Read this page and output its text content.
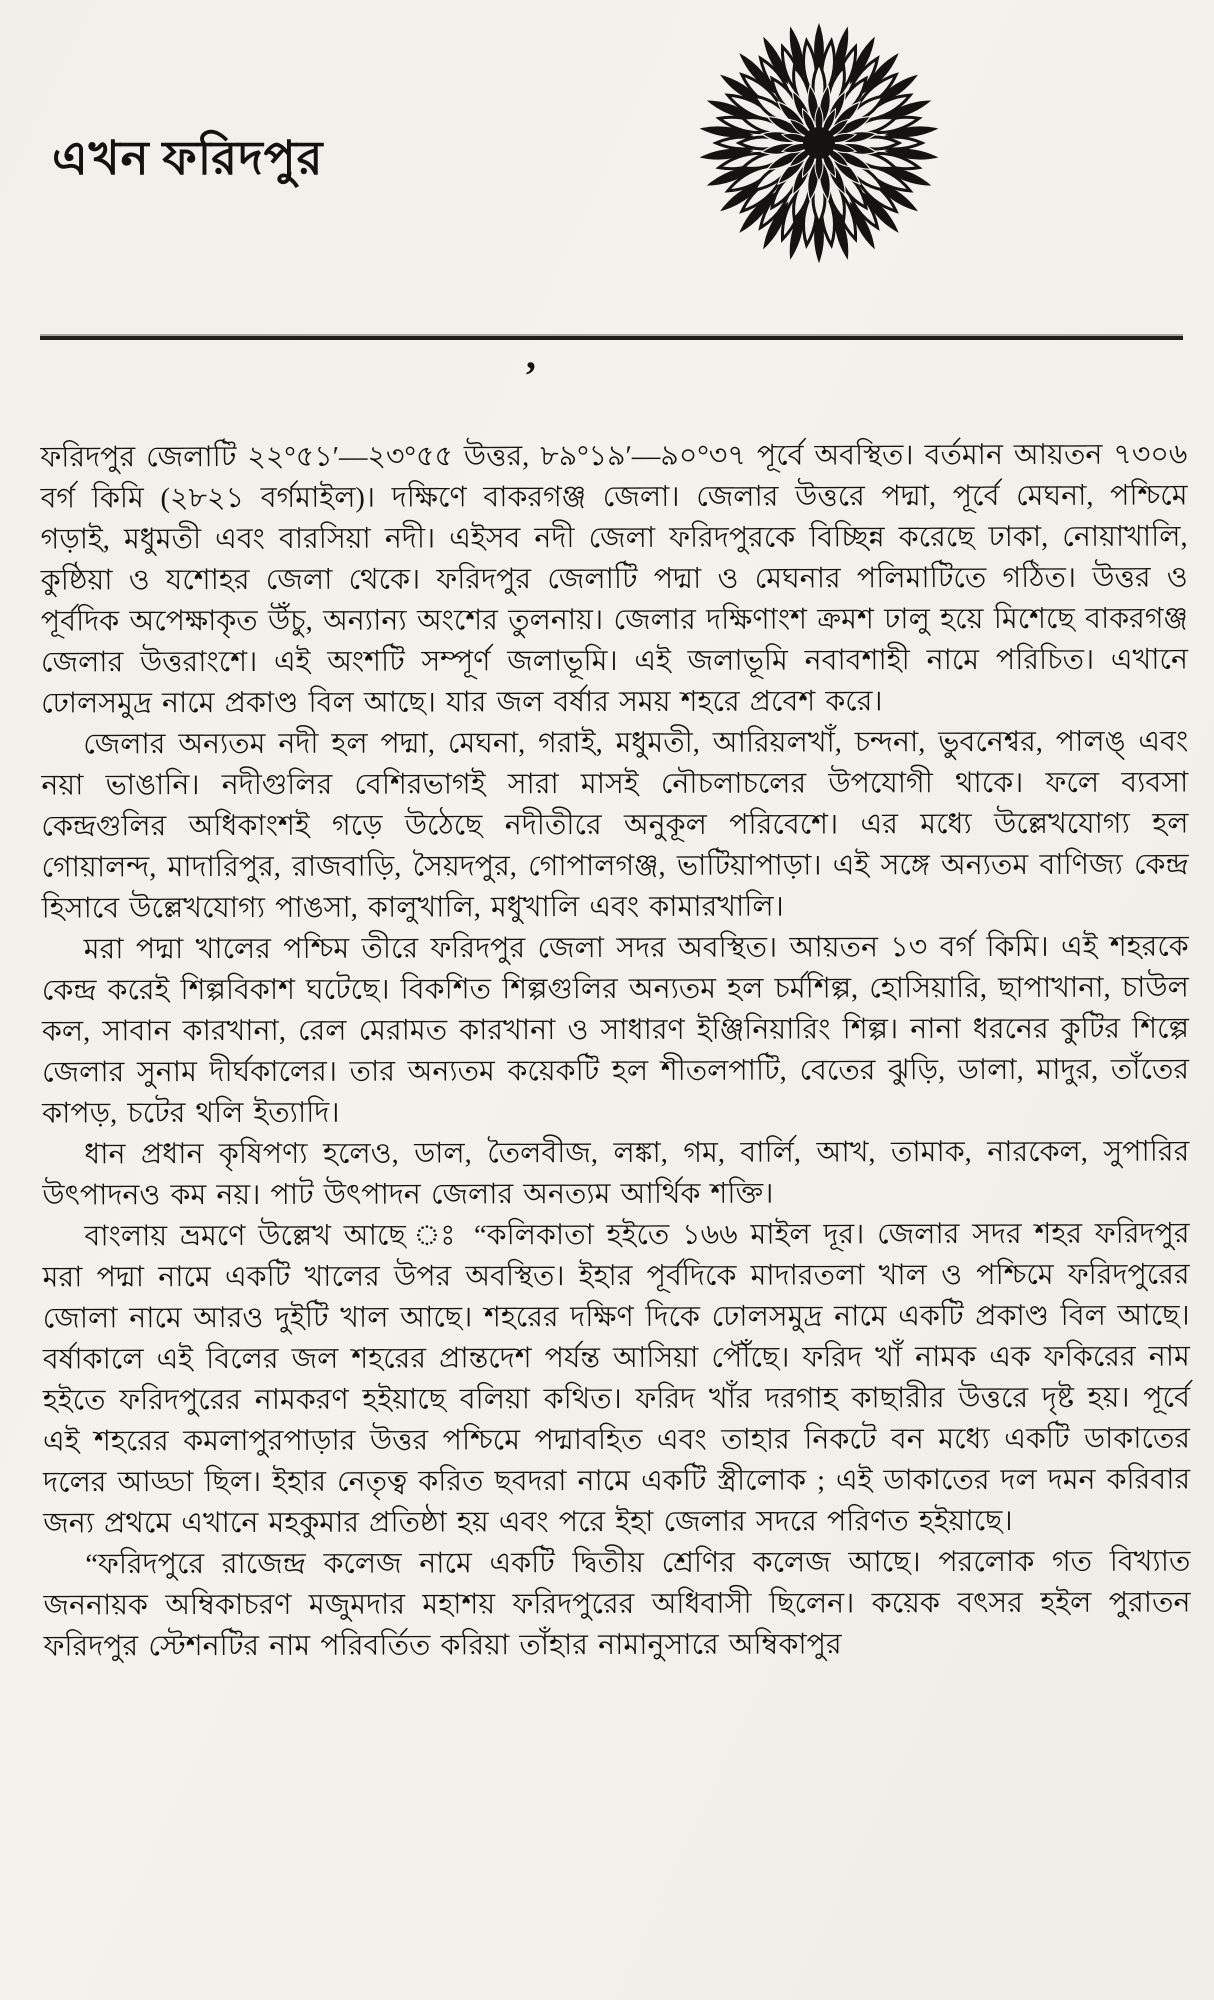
এখন ফরিদপুর
’

ফরিদপুর জেলাটি ২২°৫১′—২৩°৫৫ উত্তর, ৮৯°১৯′—৯০°৩৭ পূর্বে অবস্থিত। বর্তমান আয়তন ৭৩০৬ বর্গ কিমি (২৮২১ বর্গমাইল)। দক্ষিণে বাকরগঞ্জ জেলা। জেলার উত্তরে পদ্মা, পূর্বে মেঘনা, পশ্চিমে গড়াই, মধুমতী এবং বারসিয়া নদী। এইসব নদী জেলা ফরিদপুরকে বিচ্ছিন্ন করেছে ঢাকা, নোয়াখালি, কুষ্ঠিয়া ও যশোহর জেলা থেকে। ফরিদপুর জেলাটি পদ্মা ও মেঘনার পলিমাটিতে গঠিত। উত্তর ও পূর্বদিক অপেক্ষাকৃত উঁচু, অন্যান্য অংশের তুলনায়। জেলার দক্ষিণাংশ ক্রমশ ঢালু হয়ে মিশেছে বাকরগঞ্জ জেলার উত্তরাংশে। এই অংশটি সম্পূর্ণ জলাভূমি। এই জলাভূমি নবাবশাহী নামে পরিচিত। এখানে ঢোলসমুদ্র নামে প্রকাণ্ড বিল আছে। যার জল বর্ষার সময় শহরে প্রবেশ করে।

জেলার অন্যতম নদী হল পদ্মা, মেঘনা, গরাই, মধুমতী, আরিয়লখাঁ, চন্দনা, ভুবনেশ্বর, পালঙ্‌ এবং নয়া ভাঙানি। নদীগুলির বেশিরভাগই সারা মাসই নৌচলাচলের উপযোগী থাকে। ফলে ব্যবসা কেন্দ্রগুলির অধিকাংশই গড়ে উঠেছে নদীতীরে অনুকূল পরিবেশে। এর মধ্যে উল্লেখযোগ্য হল গোয়ালন্দ, মাদারিপুর, রাজবাড়ি, সৈয়দপুর, গোপালগঞ্জ, ভাটিয়াপাড়া। এই সঙ্গে অন্যতম বাণিজ্য কেন্দ্র হিসাবে উল্লেখযোগ্য পাঙসা, কালুখালি, মধুখালি এবং কামারখালি।

মরা পদ্মা খালের পশ্চিম তীরে ফরিদপুর জেলা সদর অবস্থিত। আয়তন ১৩ বর্গ কিমি। এই শহরকে কেন্দ্র করেই শিল্পবিকাশ ঘটেছে। বিকশিত শিল্পগুলির অন্যতম হল চর্মশিল্প, হোসিয়ারি, ছাপাখানা, চাউল কল, সাবান কারখানা, রেল মেরামত কারখানা ও সাধারণ ইঞ্জিনিয়ারিং শিল্প। নানা ধরনের কুটির শিল্পে জেলার সুনাম দীর্ঘকালের। তার অন্যতম কয়েকটি হল শীতলপাটি, বেতের ঝুড়ি, ডালা, মাদুর, তাঁতের কাপড়, চটের থলি ইত্যাদি।

ধান প্রধান কৃষিপণ্য হলেও, ডাল, তৈলবীজ, লঙ্কা, গম, বার্লি, আখ, তামাক, নারকেল, সুপারির উৎপাদনও কম নয়। পাট উৎপাদন জেলার অনত্যম আর্থিক শক্তি।

বাংলায় ভ্রমণে উল্লেখ আছে ঃ “কলিকাতা হইতে ১৬৬ মাইল দূর। জেলার সদর শহর ফরিদপুর মরা পদ্মা নামে একটি খালের উপর অবস্থিত। ইহার পূর্বদিকে মাদারতলা খাল ও পশ্চিমে ফরিদপুরের জোলা নামে আরও দুইটি খাল আছে। শহরের দক্ষিণ দিকে ঢোলসমুদ্র নামে একটি প্রকাণ্ড বিল আছে। বর্ষাকালে এই বিলের জল শহরের প্রান্তদেশ পর্যন্ত আসিয়া পৌঁছে। ফরিদ খাঁ নামক এক ফকিরের নাম হইতে ফরিদপুরের নামকরণ হইয়াছে বলিয়া কথিত। ফরিদ খাঁর দরগাহ কাছারীর উত্তরে দৃষ্ট হয়। পূর্বে এই শহরের কমলাপুরপাড়ার উত্তর পশ্চিমে পদ্মাবহিত এবং তাহার নিকটে বন মধ্যে একটি ডাকাতের দলের আড্ডা ছিল। ইহার নেতৃত্ব করিত ছবদরা নামে একটি স্ত্রীলোক ; এই ডাকাতের দল দমন করিবার জন্য প্রথমে এখানে মহকুমার প্রতিষ্ঠা হয় এবং পরে ইহা জেলার সদরে পরিণত হইয়াছে।

“ফরিদপুরে রাজেন্দ্র কলেজ নামে একটি দ্বিতীয় শ্রেণির কলেজ আছে। পরলোক গত বিখ্যাত জননায়ক অম্বিকাচরণ মজুমদার মহাশয় ফরিদপুরের অধিবাসী ছিলেন। কয়েক বৎসর হইল পুরাতন ফরিদপুর স্টেশনটির নাম পরিবর্তিত করিয়া তাঁহার নামানুসারে অম্বিকাপুর
